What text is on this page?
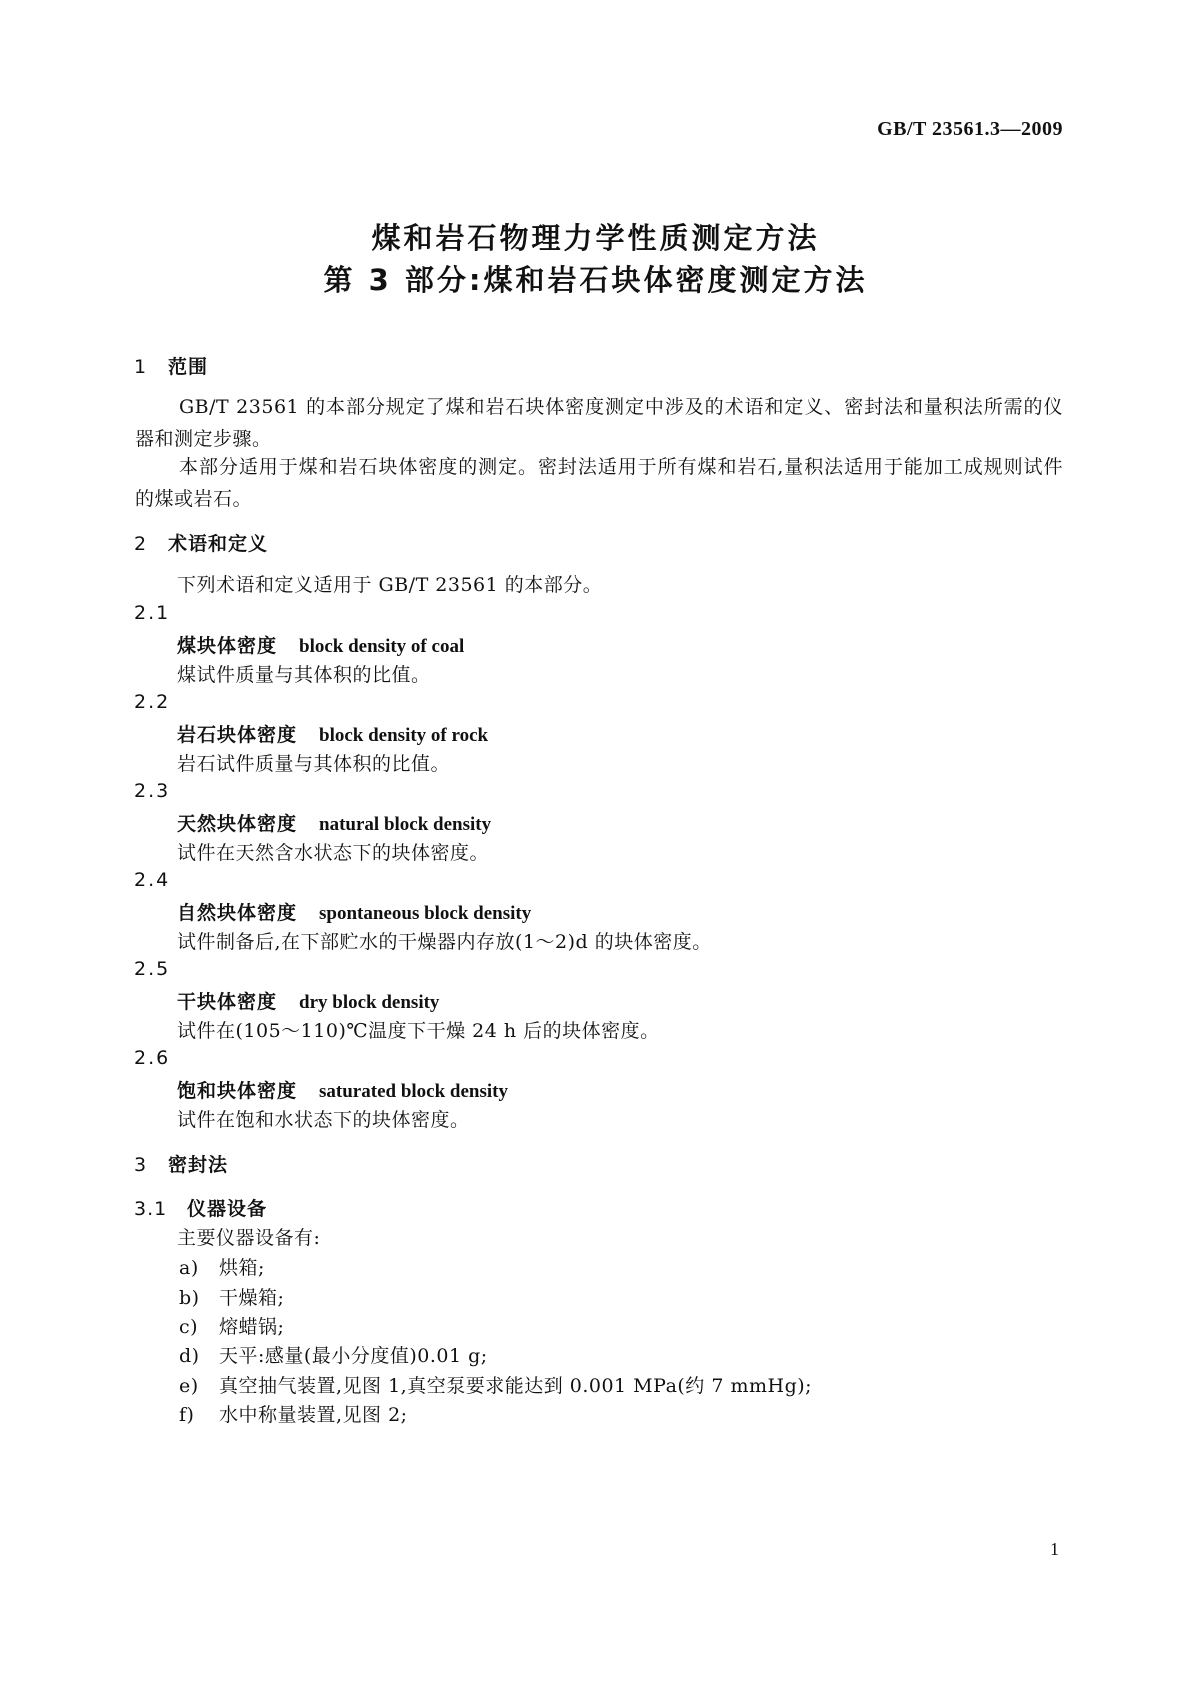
GB/T 23561.3—2009
煤和岩石物理力学性质测定方法
第 3 部分:煤和岩石块体密度测定方法
1 范围
GB/T 23561 的本部分规定了煤和岩石块体密度测定中涉及的术语和定义、密封法和量积法所需的仪器和测定步骤。
本部分适用于煤和岩石块体密度的测定。密封法适用于所有煤和岩石,量积法适用于能加工成规则试件的煤或岩石。
2 术语和定义
下列术语和定义适用于 GB/T 23561 的本部分。
2.1
煤块体密度 block density of coal
煤试件质量与其体积的比值。
2.2
岩石块体密度 block density of rock
岩石试件质量与其体积的比值。
2.3
天然块体密度 natural block density
试件在天然含水状态下的块体密度。
2.4
自然块体密度 spontaneous block density
试件制备后,在下部贮水的干燥器内存放(1～2)d 的块体密度。
2.5
干块体密度 dry block density
试件在(105～110)℃温度下干燥 24 h 后的块体密度。
2.6
饱和块体密度 saturated block density
试件在饱和水状态下的块体密度。
3 密封法
3.1 仪器设备
主要仪器设备有:
a) 烘箱;
b) 干燥箱;
c) 熔蜡锅;
d) 天平:感量(最小分度值)0.01 g;
e) 真空抽气装置,见图 1,真空泵要求能达到 0.001 MPa(约 7 mmHg);
f) 水中称量装置,见图 2;
1
